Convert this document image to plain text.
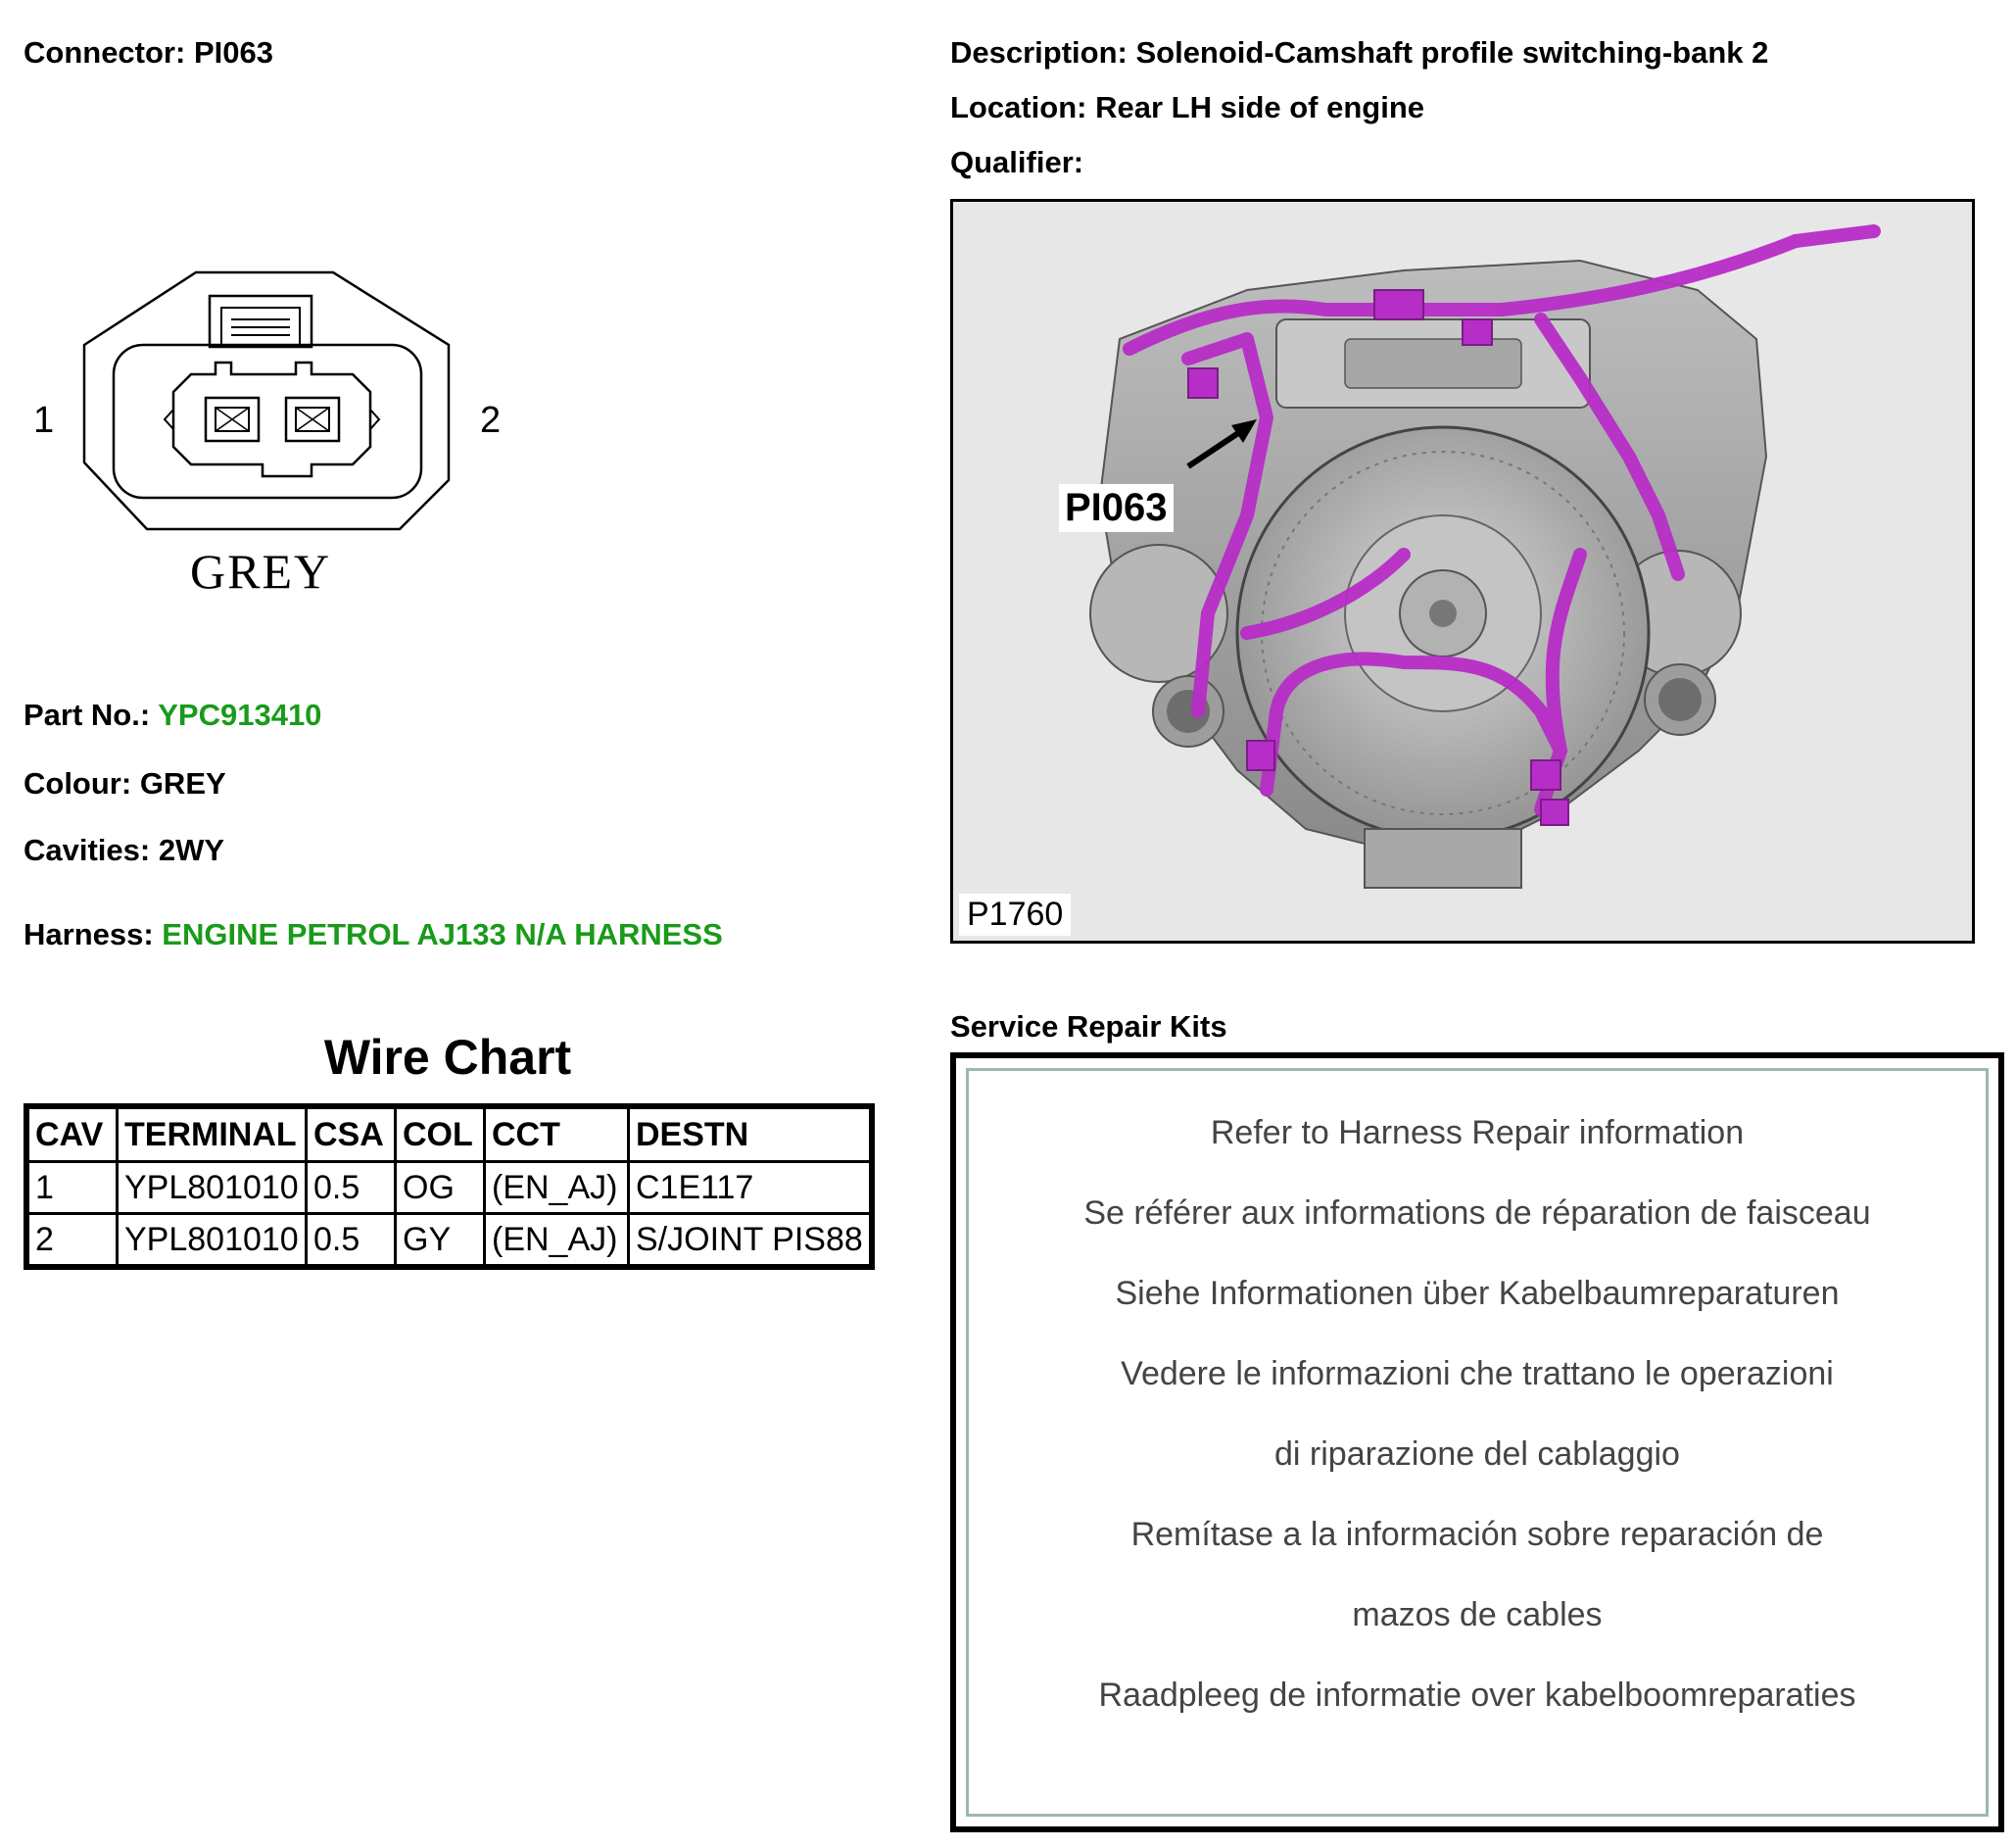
Connector: PI063	Description: Solenoid-Camshaft profile switching-bank 2
Location: Rear LH side of engine
Qualifier:
1	2
GREY
Part No.: YPC913410
Colour: GREY
Cavities: 2WY
Harness: ENGINE PETROL AJ133 N/A HARNESS
Wire Chart
CAV	TERMINAL	CSA	COL	CCT	DESTN
1	YPL801010	0.5	OG	(EN_AJ)	C1E117
2	YPL801010	0.5	GY	(EN_AJ)	S/JOINT PIS88
PI063
P1760
Service Repair Kits
Refer to Harness Repair information
Se référer aux informations de réparation de faisceau
Siehe Informationen über Kabelbaumreparaturen
Vedere le informazioni che trattano le operazioni
di riparazione del cablaggio
Remítase a la información sobre reparación de
mazos de cables
Raadpleeg de informatie over kabelboomreparaties
